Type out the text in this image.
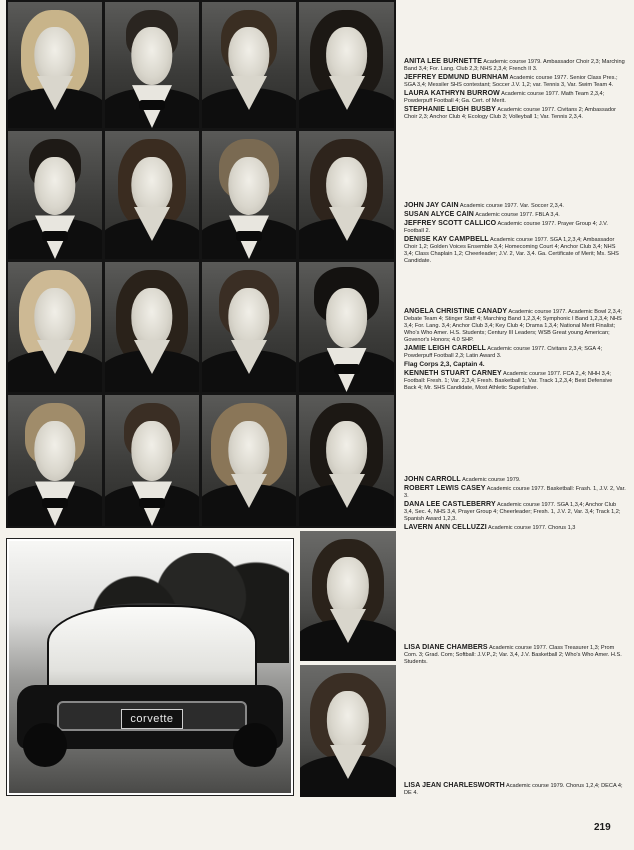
corvette

ANITA LEE BURNETTE Academic course 1979. Ambassador Choir 2,3; Marching Band 3,4; For. Lang. Club 2,3; NHS 2,3,4; French II 3.

JEFFREY EDMUND BURNHAM Academic course 1977. Senior Class Pres.; SGA 3,4; Messiler SHS contestant; Soccer J.V. 1,2; var. Tennis 3, Var. Swim Team 4.

LAURA KATHRYN BURROW Academic course 1977. Math Team 2,3,4; Powderpuff Football 4; Ga. Cert. of Merit.

STEPHANIE LEIGH BUSBY Academic course 1977. Civitans 2; Ambassador Choir 2,3; Anchor Club 4; Ecology Club 3; Volleyball 1; Var. Tennis 2,3,4.

JOHN JAY CAIN Academic course 1977. Var. Soccer 2,3,4.

SUSAN ALYCE CAIN Academic course 1977. FBLA 3,4.

JEFFREY SCOTT CALLICO Academic course 1977. Prayer Group 4; J.V. Football 2.

DENISE KAY CAMPBELL Academic course 1977. SGA 1,2,3,4; Ambassador Choir 1,2; Golden Voices Ensemble 3,4; Homecoming Court 4; Anchor Club 3,4; NHS 3,4; Class Chaplain 1,2; Cheerleader; J.V. 2, Var. 3,4. Ga. Certificate of Merit; Ms. SHS Candidate.

ANGELA CHRISTINE CANADY Academic course 1977. Academic Bowl 2,3,4; Debate Team 4; Stinger Staff 4; Marching Band 1,2,3,4; Symphonic I Band 1,2,3,4; NHS 3,4; For. Lang. 3,4; Anchor Club 3,4; Key Club 4; Drama 1,3,4; National Merit Finalist; Who's Who Amer. H.S. Students; Century III Leaders; WSB Great young American; Govenor's Honors; 4.0 SHP.

JAMIE LEIGH CARDELL Academic course 1977. Civitans 2,3,4; SGA 4; Powderpuff Football 2,3; Latin Award 3.

Flag Corps 2,3, Captain 4.

KENNETH STUART CARNEY Academic course 1977. FCA 2,,4; NHH 3,4; Football: Fresh. 1; Var. 2,3,4; Fresh. Basketball 1; Var. Track 1,2,3,4; Best Defensive Back 4; Mr. SHS Candidate, Most Athletic Superlative.

JOHN CARROLL Academic course 1979.

ROBERT LEWIS CASEY Academic course 1977. Basketball: Frash. 1, J.V. 2, Var. 3.

DANA LEE CASTLEBERRY Academic course 1977. SGA 1,3,4; Anchor Club 3,4, Sec. 4, NHS 3,4, Prayer Group 4; Cheerleader; Fresh. 1, J.V. 2, Var. 3,4; Track 1,2; Spanish Award 1,2,3.

LAVERN ANN CELLUZZI Academic course 1977. Chorus 1,3

LISA DIANE CHAMBERS Academic course 1977. Class Treasurer 1,3; Prom Com. 3; Grad. Com; Softball: J.V.P.,2; Var. 3,4, J.V. Basketball 2; Who's Who Amer. H.S. Students.

LISA JEAN CHARLESWORTH Academic course 1979. Chorus 1,2,4; DECA 4; DE 4.

219
